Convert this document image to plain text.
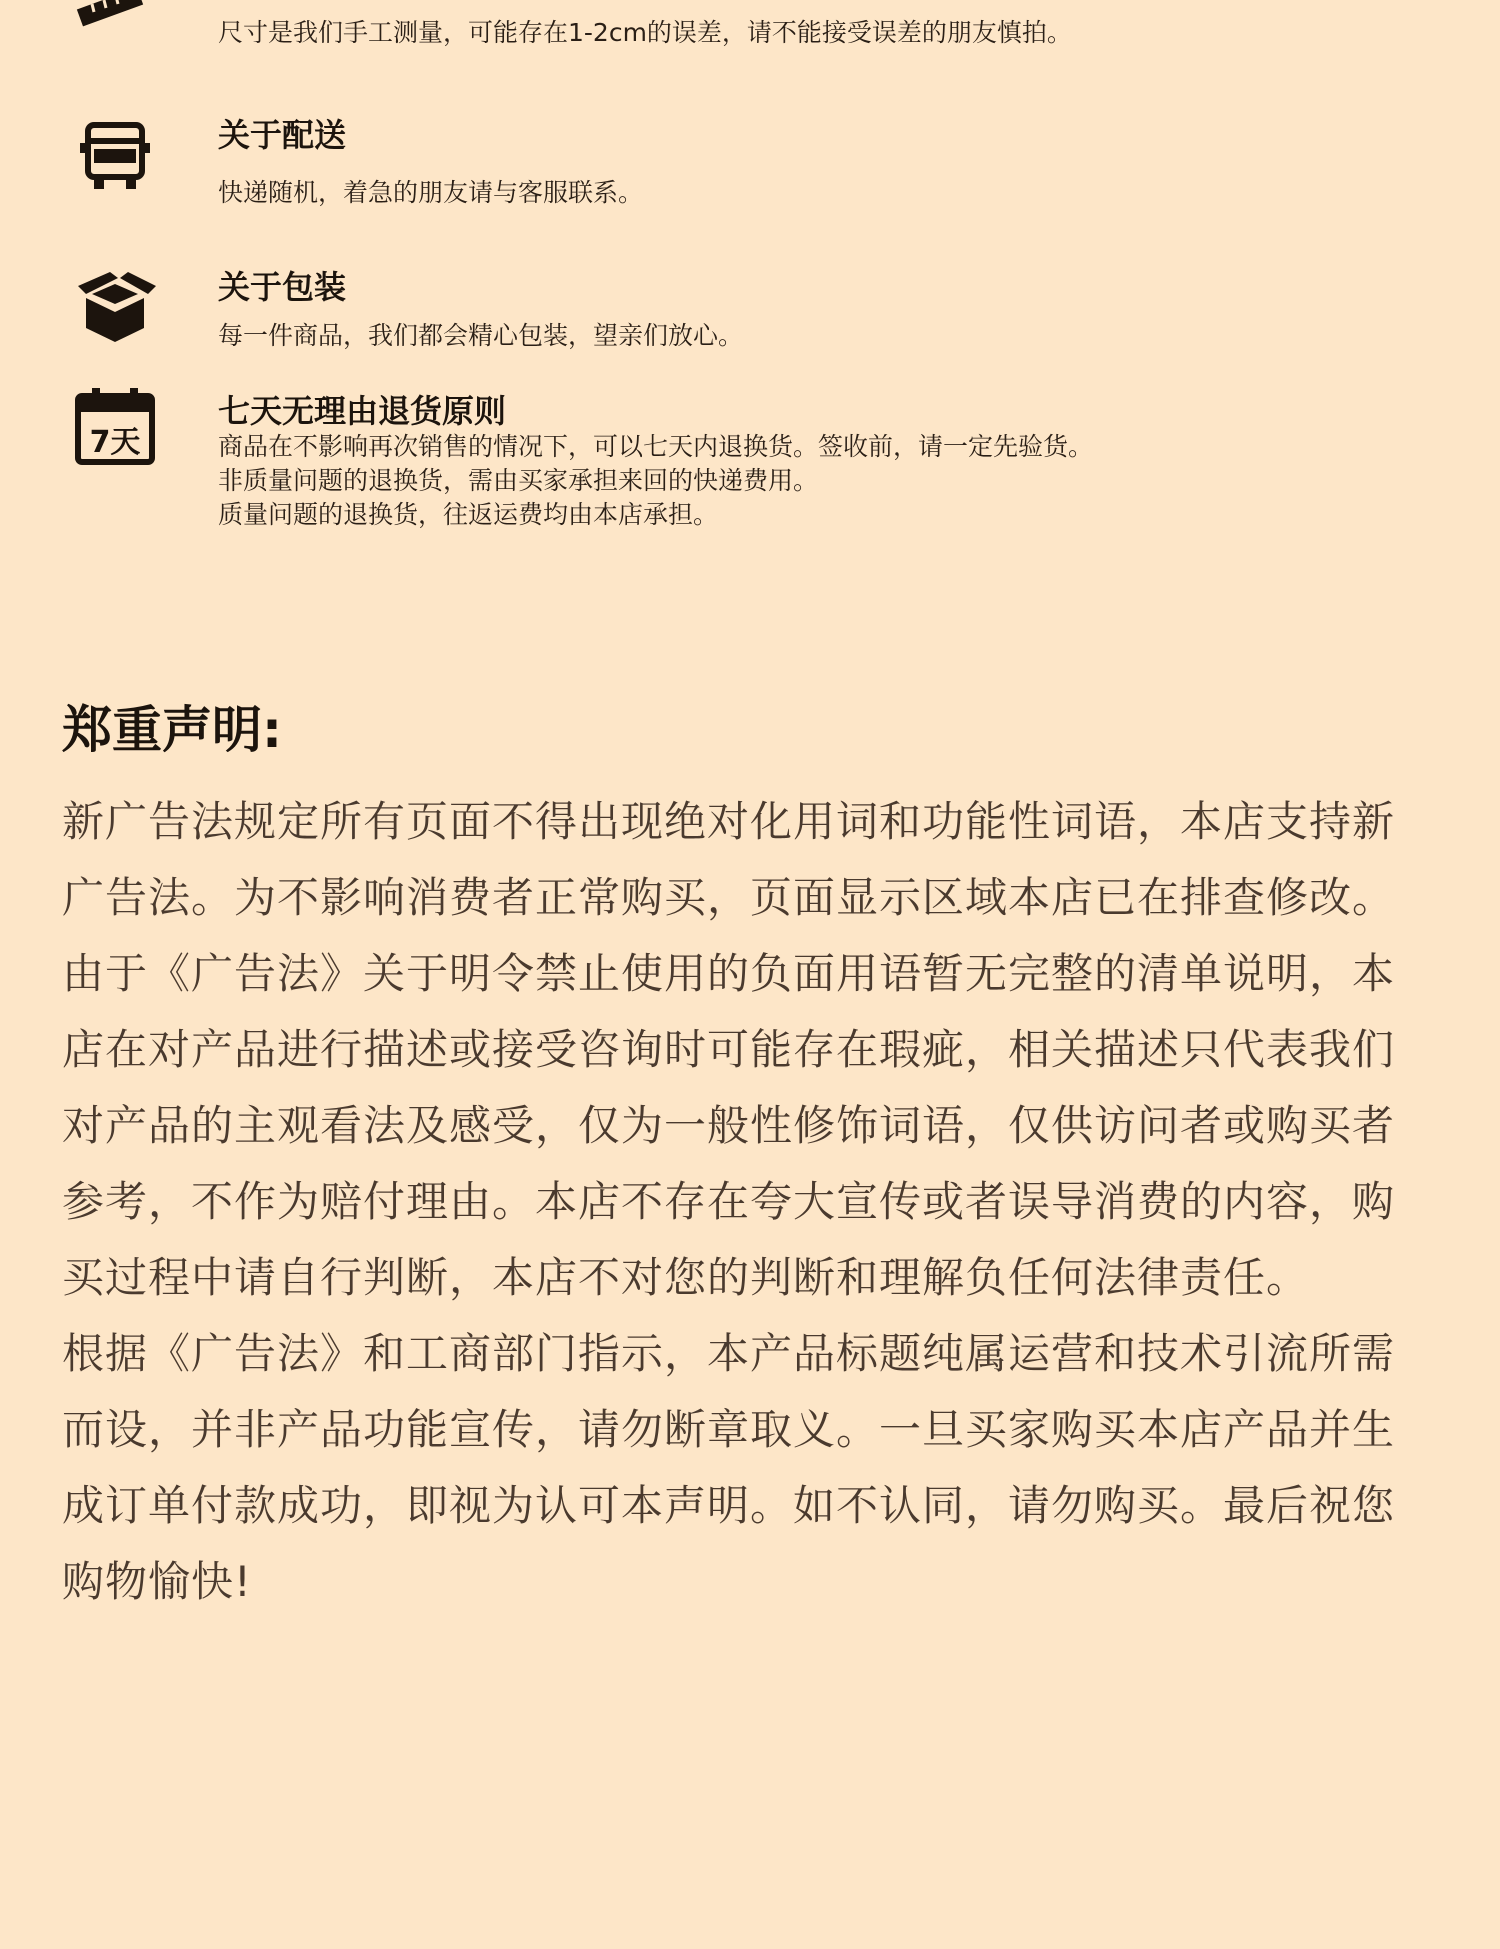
尺寸是我们手工测量，可能存在1-2cm的误差，请不能接受误差的朋友慎拍。
关于配送
快递随机，着急的朋友请与客服联系。
关于包装
每一件商品，我们都会精心包装，望亲们放心。
7天
七天无理由退货原则
商品在不影响再次销售的情况下，可以七天内退换货。签收前，请一定先验货。
非质量问题的退换货，需由买家承担来回的快递费用。
质量问题的退换货，往返运费均由本店承担。
郑重声明:
新广告法规定所有页面不得出现绝对化用词和功能性词语，本店支持新
广告法。为不影响消费者正常购买，页面显示区域本店已在排查修改。
由于《广告法》关于明令禁止使用的负面用语暂无完整的清单说明，本
店在对产品进行描述或接受咨询时可能存在瑕疵，相关描述只代表我们
对产品的主观看法及感受，仅为一般性修饰词语，仅供访问者或购买者
参考，不作为赔付理由。本店不存在夸大宣传或者误导消费的内容，购
买过程中请自行判断，本店不对您的判断和理解负任何法律责任。
根据《广告法》和工商部门指示，本产品标题纯属运营和技术引流所需
而设，并非产品功能宣传，请勿断章取义。一旦买家购买本店产品并生
成订单付款成功，即视为认可本声明。如不认同，请勿购买。最后祝您
购物愉快!
